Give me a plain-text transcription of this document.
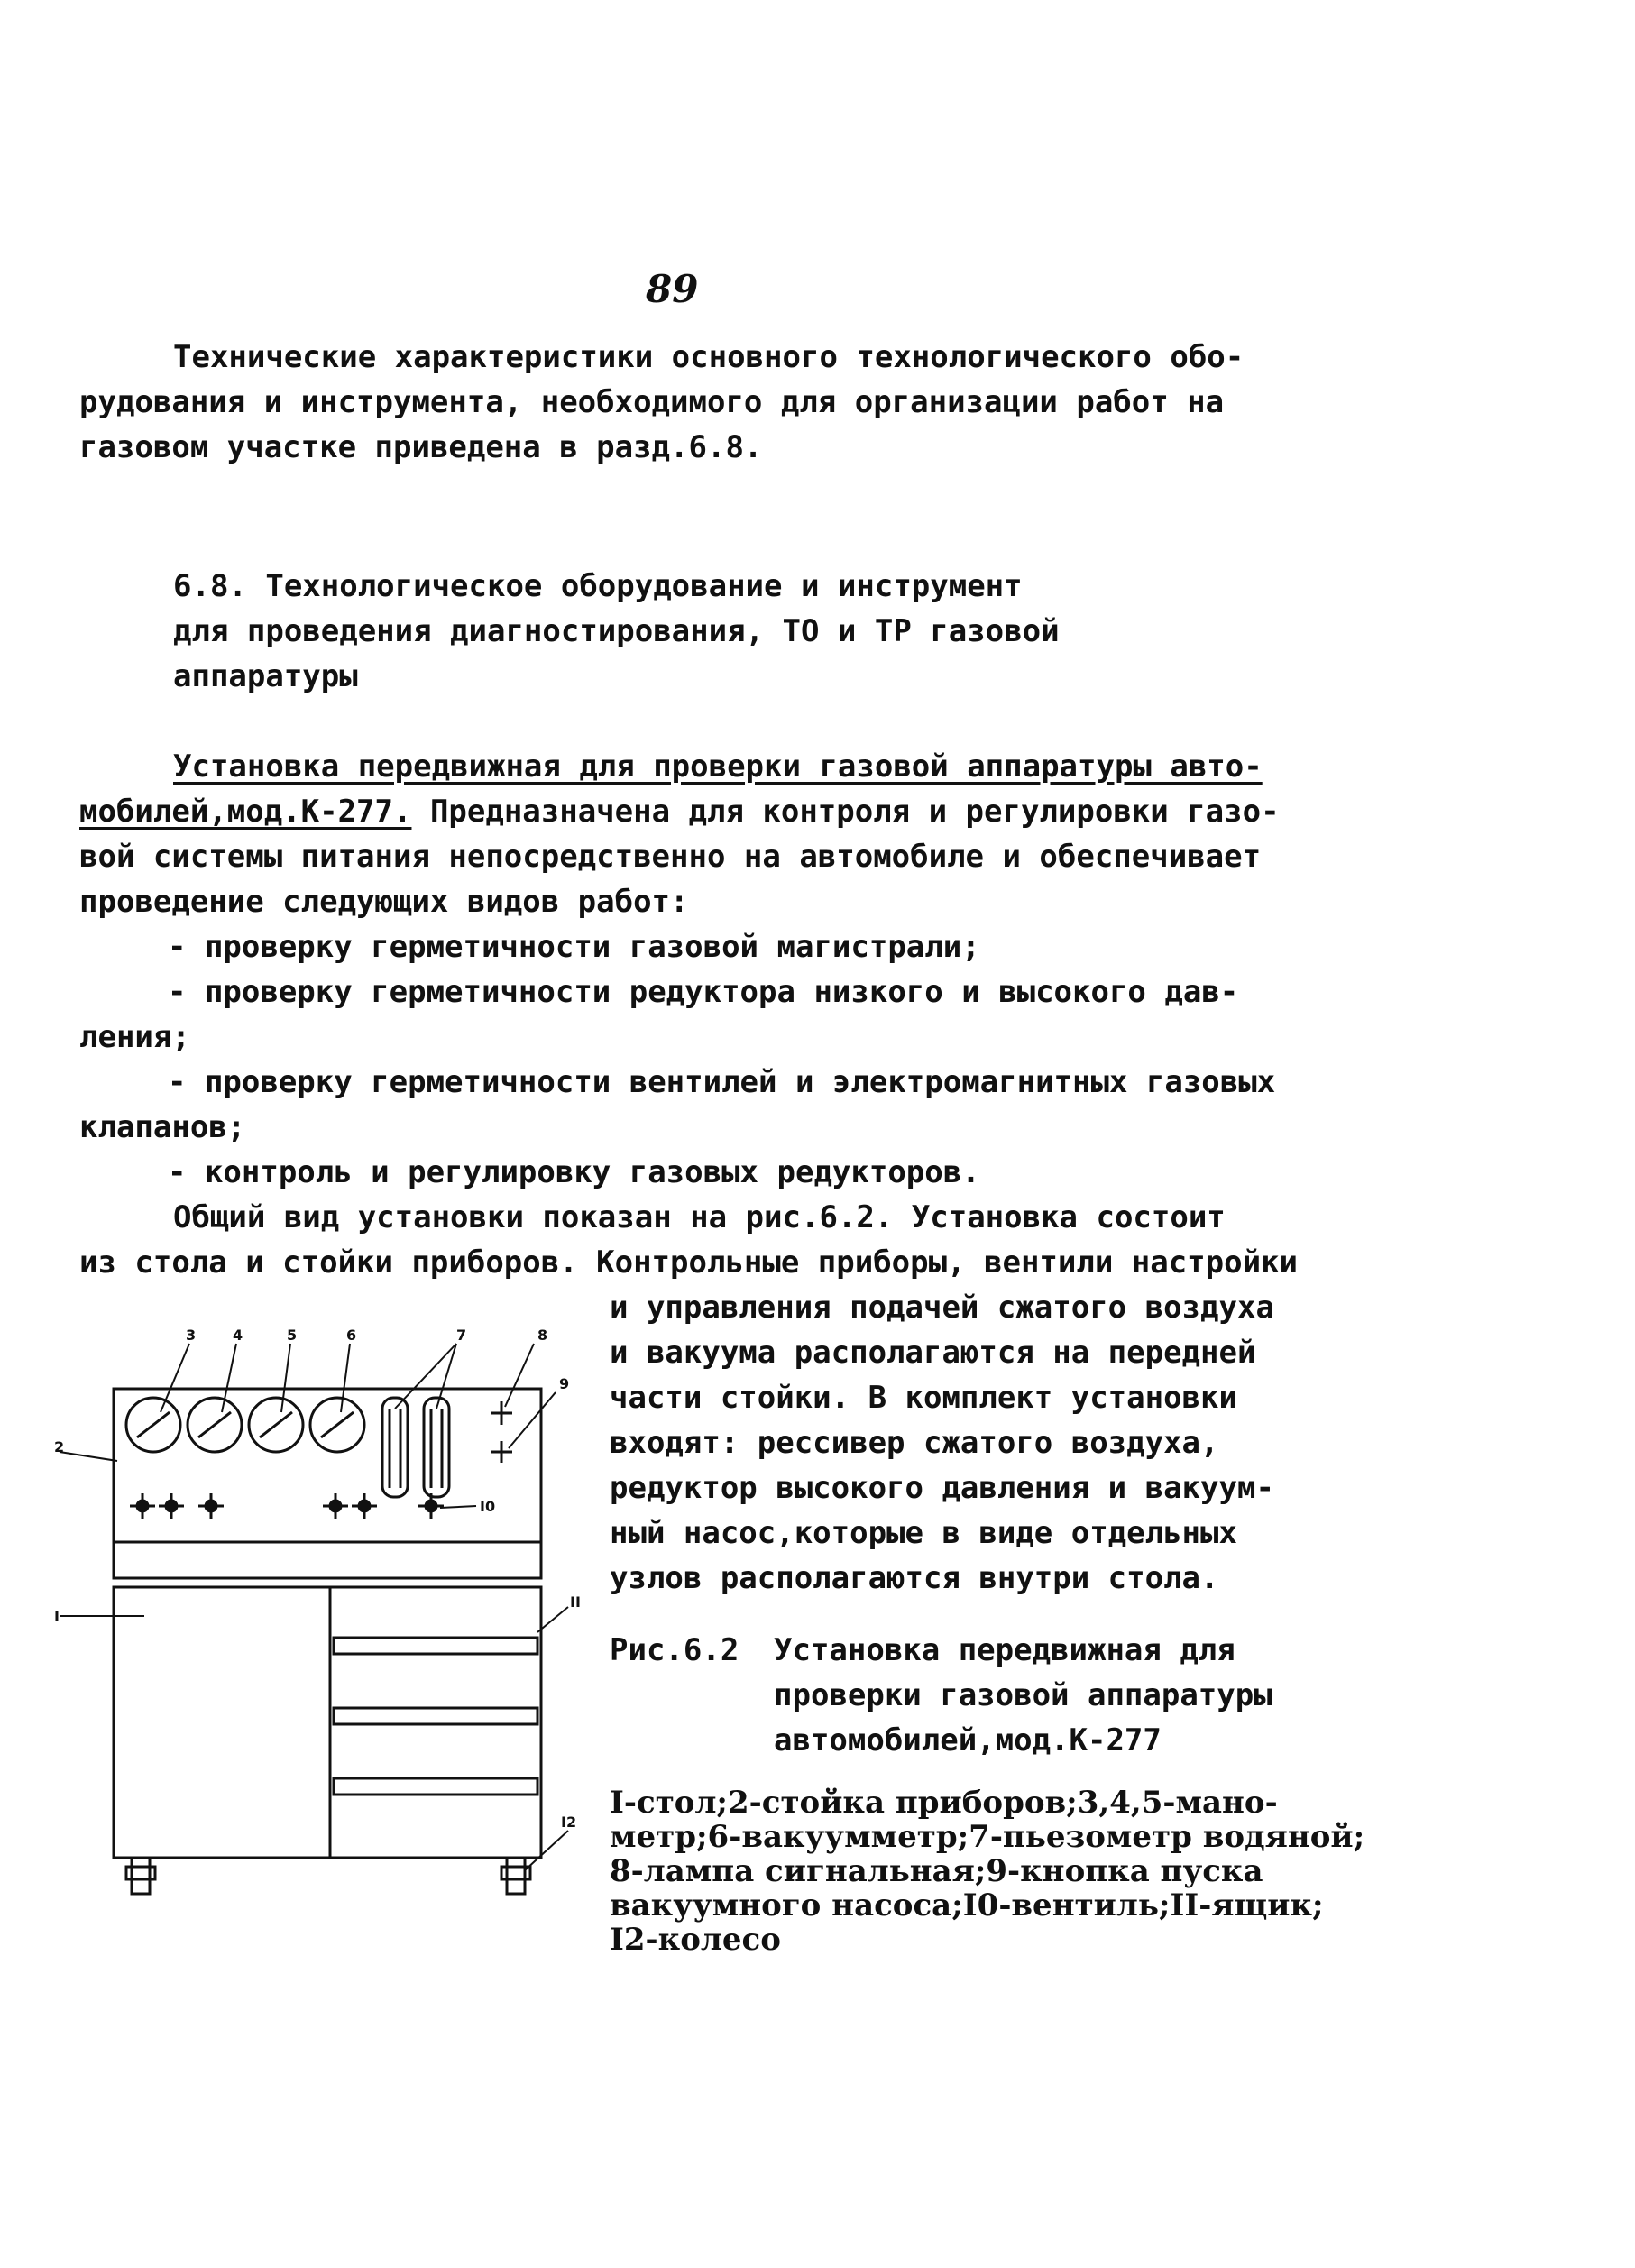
89
Технические характеристики основного технологического обо-
рудования и инструмента, необходимого для организации работ на
газовом участке приведена в разд.6.8.
6.8. Технологическое оборудование и инструмент
для проведения диагностирования, ТО и ТР газовой
аппаратуры
Установка передвижная для проверки газовой аппаратуры авто-
мобилей,мод.К-277. Предназначена для контроля и регулировки газо-
вой системы питания непосредственно на автомобиле и обеспечивает
проведение следующих видов работ:
- проверку герметичности газовой магистрали;
- проверку герметичности редуктора низкого и высокого дав-
ления;
- проверку герметичности вентилей и электромагнитных газовых
клапанов;
- контроль и регулировку газовых редукторов.
Общий вид установки показан на рис.6.2. Установка состоит
из стола и стойки приборов. Контрольные приборы, вентили настройки
и управления подачей сжатого воздуха
и вакуума располагаются на передней
части стойки. В комплект установки
входят: рессивер сжатого воздуха,
редуктор высокого давления и вакуум-
ный насос,которые в виде отдельных
узлов располагаются внутри стола.
Рис.6.2 Установка передвижная для
проверки газовой аппаратуры
автомобилей,мод.К-277
I-стол;2-стойка приборов;3,4,5-мано-
метр;6-вакуумметр;7-пьезометр водяной;
8-лампа сигнальная;9-кнопка пуска
вакуумного насоса;I0-вентиль;II-ящик;
I2-колесо
3	4	5	6	7	8
9
2
I0
I
II
I2
